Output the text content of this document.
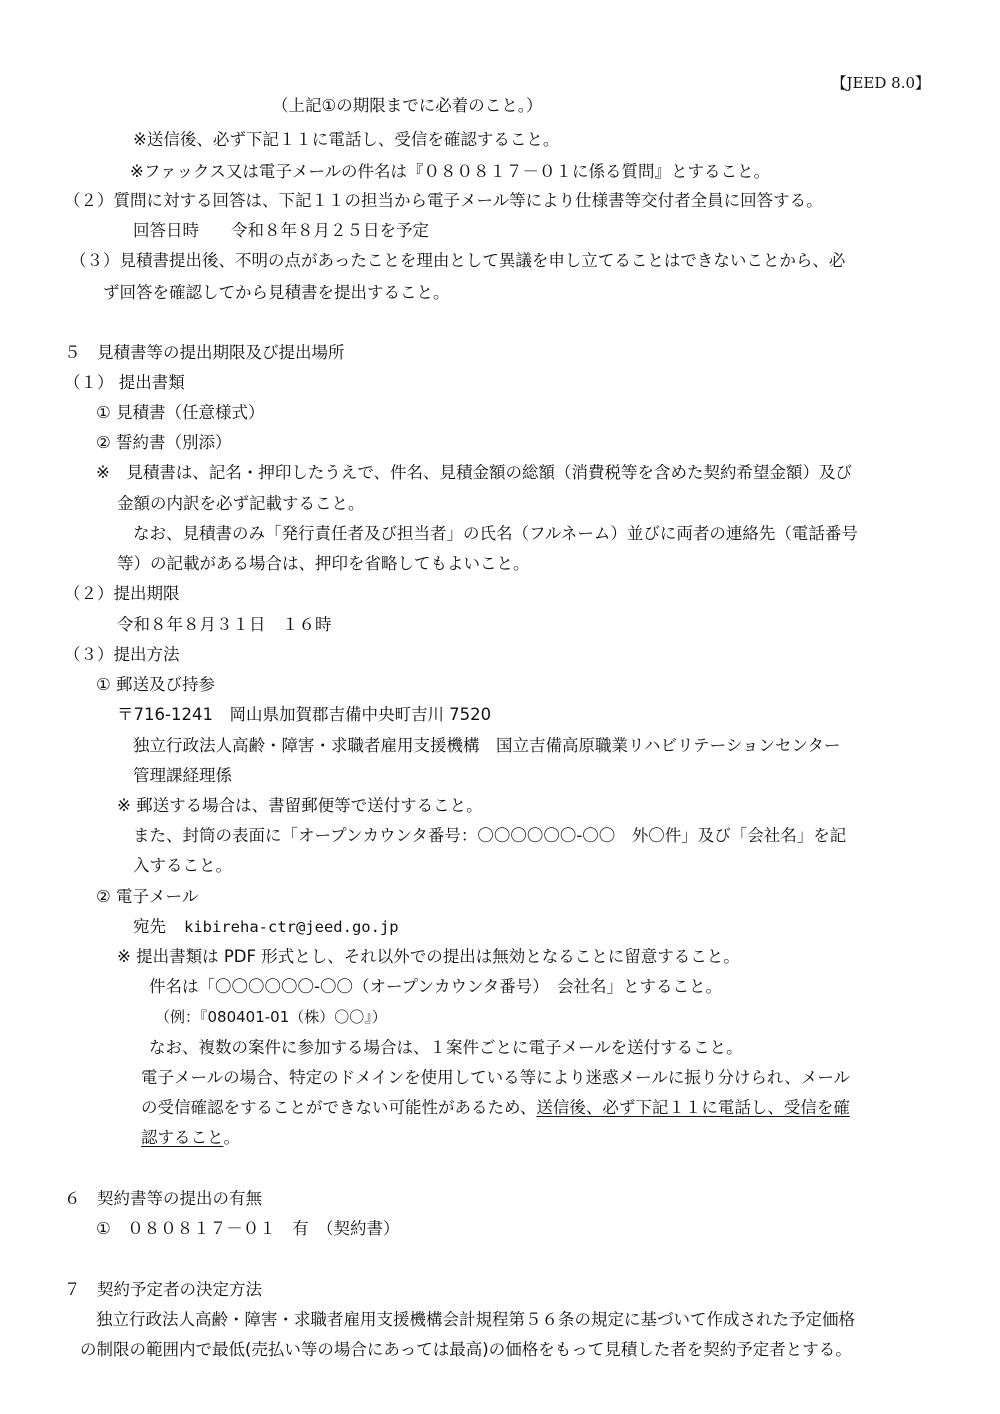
【JEED 8.0】
（上記①の期限までに必着のこと。）
※送信後、必ず下記１１に電話し、受信を確認すること。
※ファックス又は電子メールの件名は『０８０８１７－０１に係る質問』とすること。
（２）質問に対する回答は、下記１１の担当から電子メール等により仕様書等交付者全員に回答する。
回答日時 令和８年８月２５日を予定
（３）見積書提出後、不明の点があったことを理由として異議を申し立てることはできないことから、必
ず回答を確認してから見積書を提出すること。
５　見積書等の提出期限及び提出場所
（１） 提出書類
① 見積書（任意様式）
② 誓約書（別添）
※　見積書は、記名・押印したうえで、件名、見積金額の総額（消費税等を含めた契約希望金額）及び
金額の内訳を必ず記載すること。
なお、見積書のみ「発行責任者及び担当者」の氏名（フルネーム）並びに両者の連絡先（電話番号
等）の記載がある場合は、押印を省略してもよいこと。
（２）提出期限
令和８年８月３１日　１６時
（３）提出方法
① 郵送及び持参
〒716-1241　岡山県加賀郡吉備中央町吉川 7520
独立行政法人高齢・障害・求職者雇用支援機構　国立吉備高原職業リハビリテーションセンター
管理課経理係
※ 郵送する場合は、書留郵便等で送付すること。
また、封筒の表面に「オープンカウンタ番号：〇〇〇〇〇〇-〇〇　外〇件」及び「会社名」を記
入すること。
② 電子メール
宛先 kibireha-ctr@jeed.go.jp
※ 提出書類は PDF 形式とし、それ以外での提出は無効となることに留意すること。
件名は「〇〇〇〇〇〇-〇〇（オープンカウンタ番号）　会社名」とすること。
（例：『080401-01（株）〇〇』）
なお、複数の案件に参加する場合は、１案件ごとに電子メールを送付すること。
電子メールの場合、特定のドメインを使用している等により迷惑メールに振り分けられ、メール
の受信確認をすることができない可能性があるため、送信後、必ず下記１１に電話し、受信を確
認すること。
６　契約書等の提出の有無
①　０８０８１７－０１　有　（契約書）
７　契約予定者の決定方法
独立行政法人高齢・障害・求職者雇用支援機構会計規程第５６条の規定に基づいて作成された予定価格
の制限の範囲内で最低(売払い等の場合にあっては最高)の価格をもって見積した者を契約予定者とする。
